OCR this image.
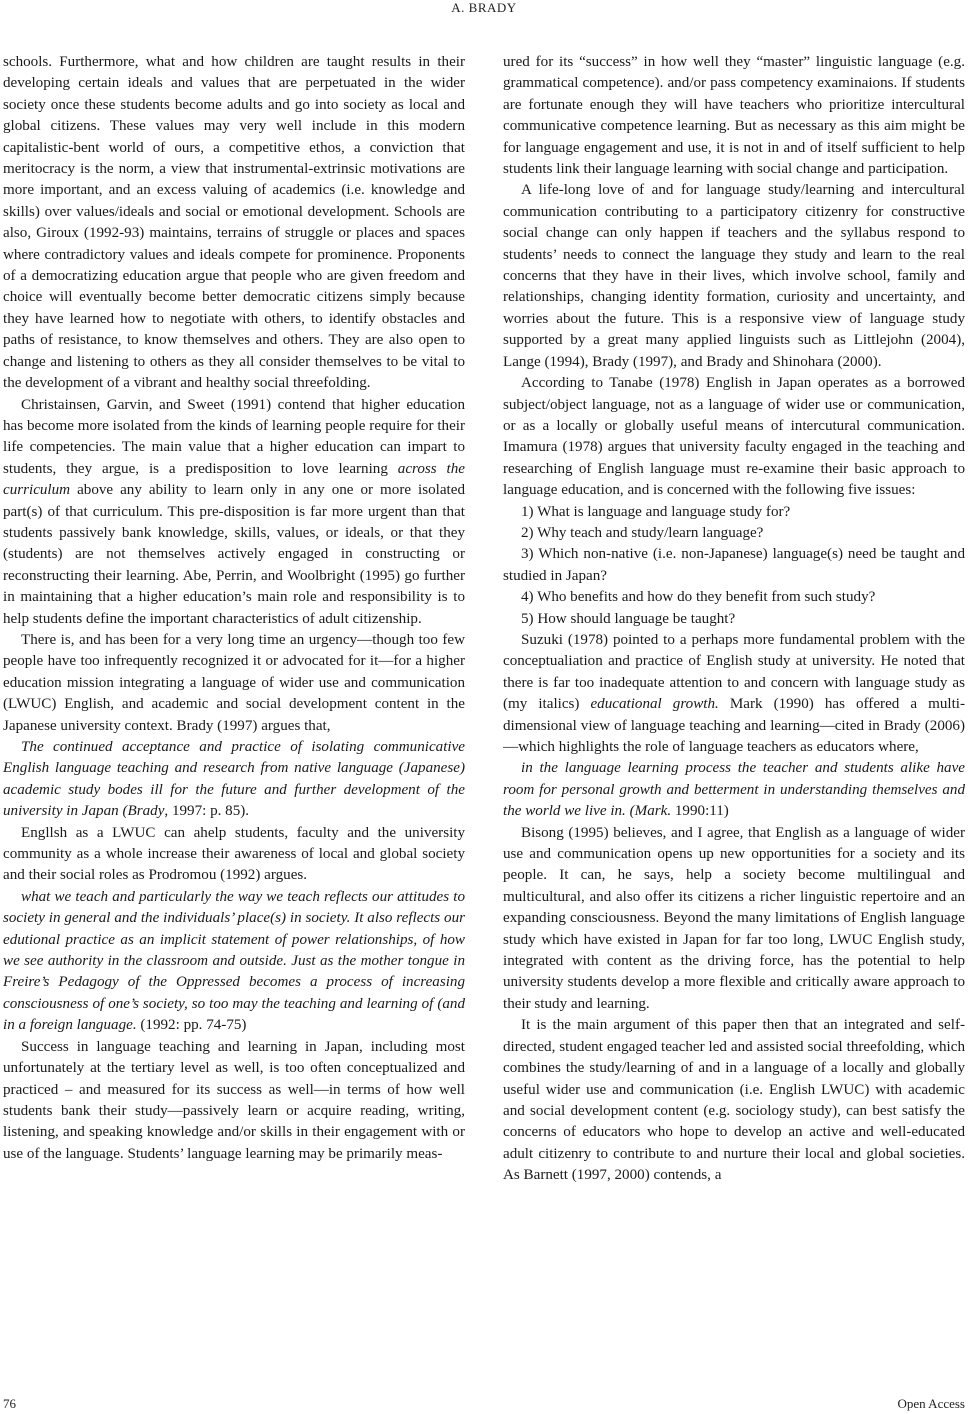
A. BRADY

schools. Furthermore, what and how children are taught results in their developing certain ideals and values that are perpetuated in the wider society once these students become adults and go into society as local and global citizens. These values may very well include in this modern capitalistic-bent world of ours, a competitive ethos, a conviction that meritocracy is the norm, a view that instrumental-extrinsic motivations are more important, and an excess valuing of academics (i.e. knowledge and skills) over values/ideals and social or emotional development. Schools are also, Giroux (1992-93) maintains, terrains of struggle or places and spaces where contradictory values and ideals compete for prominence. Proponents of a democratizing education argue that people who are given freedom and choice will eventually become better democratic citizens simply because they have learned how to negotiate with others, to identify obstacles and paths of resistance, to know themselves and others. They are also open to change and listening to others as they all consider themselves to be vital to the development of a vibrant and healthy social threefolding.

Christainsen, Garvin, and Sweet (1991) contend that higher education has become more isolated from the kinds of learning people require for their life competencies. The main value that a higher education can impart to students, they argue, is a predisposition to love learning across the curriculum above any ability to learn only in any one or more isolated part(s) of that curriculum. This pre-disposition is far more urgent than that students passively bank knowledge, skills, values, or ideals, or that they (students) are not themselves actively engaged in constructing or reconstructing their learning. Abe, Perrin, and Woolbright (1995) go further in maintaining that a higher education’s main role and responsibility is to help students define the important characteristics of adult citizenship.

There is, and has been for a very long time an urgency—though too few people have too infrequently recognized it or advocated for it—for a higher education mission integrating a language of wider use and communication (LWUC) English, and academic and social development content in the Japanese university context. Brady (1997) argues that,

The continued acceptance and practice of isolating communicative English language teaching and research from native language (Japanese) academic study bodes ill for the future and further development of the university in Japan (Brady, 1997: p. 85).

Engllsh as a LWUC can ahelp students, faculty and the university community as a whole increase their awareness of local and global society and their social roles as Prodromou (1992) argues.

what we teach and particularly the way we teach reflects our attitudes to society in general and the individuals’ place(s) in society. It also reflects our edutional practice as an implicit statement of power relationships, of how we see authority in the classroom and outside. Just as the mother tongue in Freire’s Pedagogy of the Oppressed becomes a process of increasing consciousness of one’s society, so too may the teaching and learning of (and in a foreign language. (1992: pp. 74-75)

Success in language teaching and learning in Japan, including most unfortunately at the tertiary level as well, is too often conceptualized and practiced – and measured for its success as well—in terms of how well students bank their study—passively learn or acquire reading, writing, listening, and speaking knowledge and/or skills in their engagement with or use of the language. Students’ language learning may be primarily meas-

ured for its “success” in how well they “master” linguistic language (e.g. grammatical competence). and/or pass competency examinaions. If students are fortunate enough they will have teachers who prioritize intercultural communicative competence learning. But as necessary as this aim might be for language engagement and use, it is not in and of itself sufficient to help students link their language learning with social change and participation.

A life-long love of and for language study/learning and intercultural communication contributing to a participatory citizenry for constructive social change can only happen if teachers and the syllabus respond to students’ needs to connect the language they study and learn to the real concerns that they have in their lives, which involve school, family and relationships, changing identity formation, curiosity and uncertainty, and worries about the future. This is a responsive view of language study supported by a great many applied linguists such as Littlejohn (2004), Lange (1994), Brady (1997), and Brady and Shinohara (2000).

According to Tanabe (1978) English in Japan operates as a borrowed subject/object language, not as a language of wider use or communication, or as a locally or globally useful means of intercutural communication. Imamura (1978) argues that university faculty engaged in the teaching and researching of English language must re-examine their basic approach to language education, and is concerned with the following five issues:

1) What is language and language study for?

2) Why teach and study/learn language?

3) Which non-native (i.e. non-Japanese) language(s) need be taught and studied in Japan?

4) Who benefits and how do they benefit from such study?

5) How should language be taught?

Suzuki (1978) pointed to a perhaps more fundamental problem with the conceptualiation and practice of English study at university. He noted that there is far too inadequate attention to and concern with language study as (my italics) educational growth. Mark (1990) has offered a multi-dimensional view of language teaching and learning—cited in Brady (2006) —which highlights the role of language teachers as educators where,

in the language learning process the teacher and students alike have room for personal growth and betterment in understanding themselves and the world we live in. (Mark. 1990:11)

Bisong (1995) believes, and I agree, that English as a language of wider use and communication opens up new opportunities for a society and its people. It can, he says, help a society become multilingual and multicultural, and also offer its citizens a richer linguistic repertoire and an expanding consciousness. Beyond the many limitations of English language study which have existed in Japan for far too long, LWUC English study, integrated with content as the driving force, has the potential to help university students develop a more flexible and critically aware approach to their study and learning.

It is the main argument of this paper then that an integrated and self-directed, student engaged teacher led and assisted social threefolding, which combines the study/learning of and in a language of a locally and globally useful wider use and communication (i.e. English LWUC) with academic and social development content (e.g. sociology study), can best satisfy the concerns of educators who hope to develop an active and well-educated adult citizenry to contribute to and nurture their local and global societies. As Barnett (1997, 2000) contends, a

76	Open Access
